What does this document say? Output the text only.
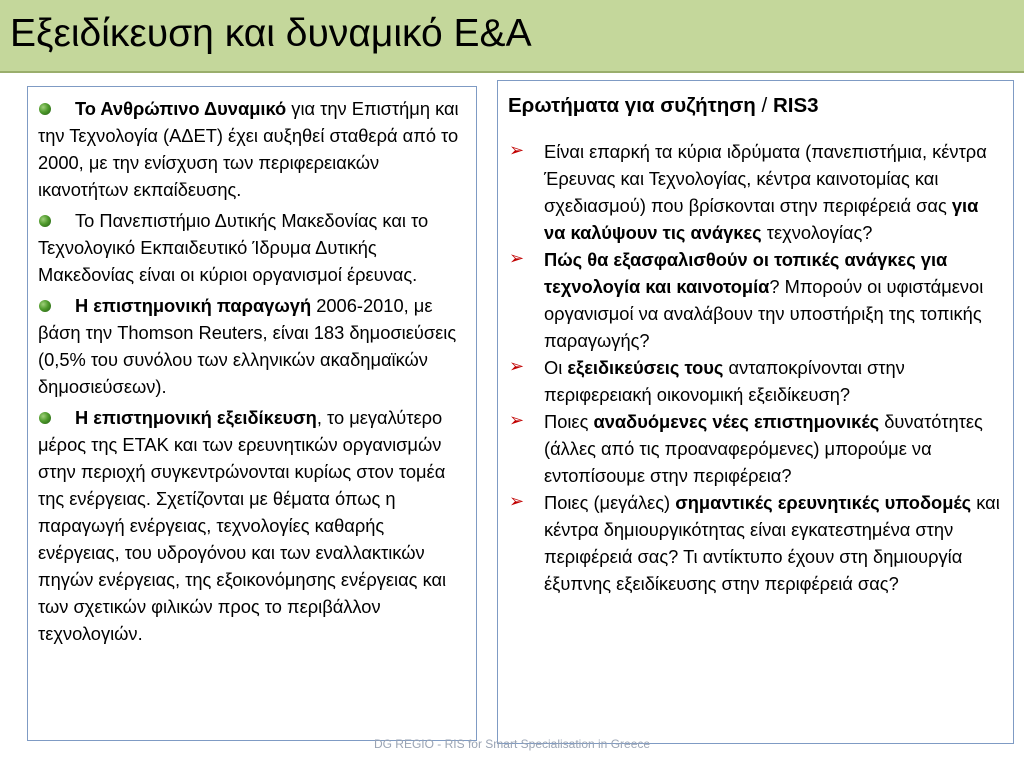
Εξειδίκευση και δυναμικό Ε&Α

Το Ανθρώπινο Δυναμικό για την Επιστήμη και την Τεχνολογία (ΑΔΕΤ) έχει αυξηθεί σταθερά από το 2000, με την ενίσχυση των περιφερειακών ικανοτήτων εκπαίδευσης.

Το Πανεπιστήμιο Δυτικής Μακεδονίας και το Τεχνολογικό Εκπαιδευτικό Ίδρυμα Δυτικής Μακεδονίας είναι οι κύριοι οργανισμοί έρευνας.

Η επιστημονική παραγωγή 2006-2010, με βάση την Thomson Reuters, είναι 183 δημοσιεύσεις (0,5% του συνόλου των ελληνικών ακαδημαϊκών δημοσιεύσεων).

Η επιστημονική εξειδίκευση, το μεγαλύτερο μέρος της ΕΤΑΚ και των ερευνητικών οργανισμών στην περιοχή συγκεντρώνονται κυρίως στον τομέα της ενέργειας. Σχετίζονται με θέματα όπως η παραγωγή ενέργειας, τεχνολογίες καθαρής ενέργειας, του υδρογόνου και των εναλλακτικών πηγών ενέργειας, της εξοικονόμησης ενέργειας και των σχετικών φιλικών προς το περιβάλλον τεχνολογιών.

Ερωτήματα για συζήτηση / RIS3

➢ Είναι επαρκή τα κύρια ιδρύματα (πανεπιστήμια, κέντρα Έρευνας και Τεχνολογίας, κέντρα καινοτομίας και σχεδιασμού) που βρίσκονται στην περιφέρειά σας για να καλύψουν τις ανάγκες τεχνολογίας?

➢ Πώς θα εξασφαλισθούν οι τοπικές ανάγκες για τεχνολογία και καινοτομία? Μπορούν οι υφιστάμενοι οργανισμοί να αναλάβουν την υποστήριξη της τοπικής παραγωγής?

➢ Οι εξειδικεύσεις τους ανταποκρίνονται στην περιφερειακή οικονομική εξειδίκευση?

➢ Ποιες αναδυόμενες νέες επιστημονικές δυνατότητες (άλλες από τις προαναφερόμενες) μπορούμε να εντοπίσουμε στην περιφέρεια?

➢ Ποιες (μεγάλες) σημαντικές ερευνητικές υποδομές και κέντρα δημιουργικότητας είναι εγκατεστημένα στην περιφέρειά σας? Τι αντίκτυπο έχουν στη δημιουργία έξυπνης εξειδίκευσης στην περιφέρειά σας?

DG REGIO - RIS for Smart Specialisation in Greece
